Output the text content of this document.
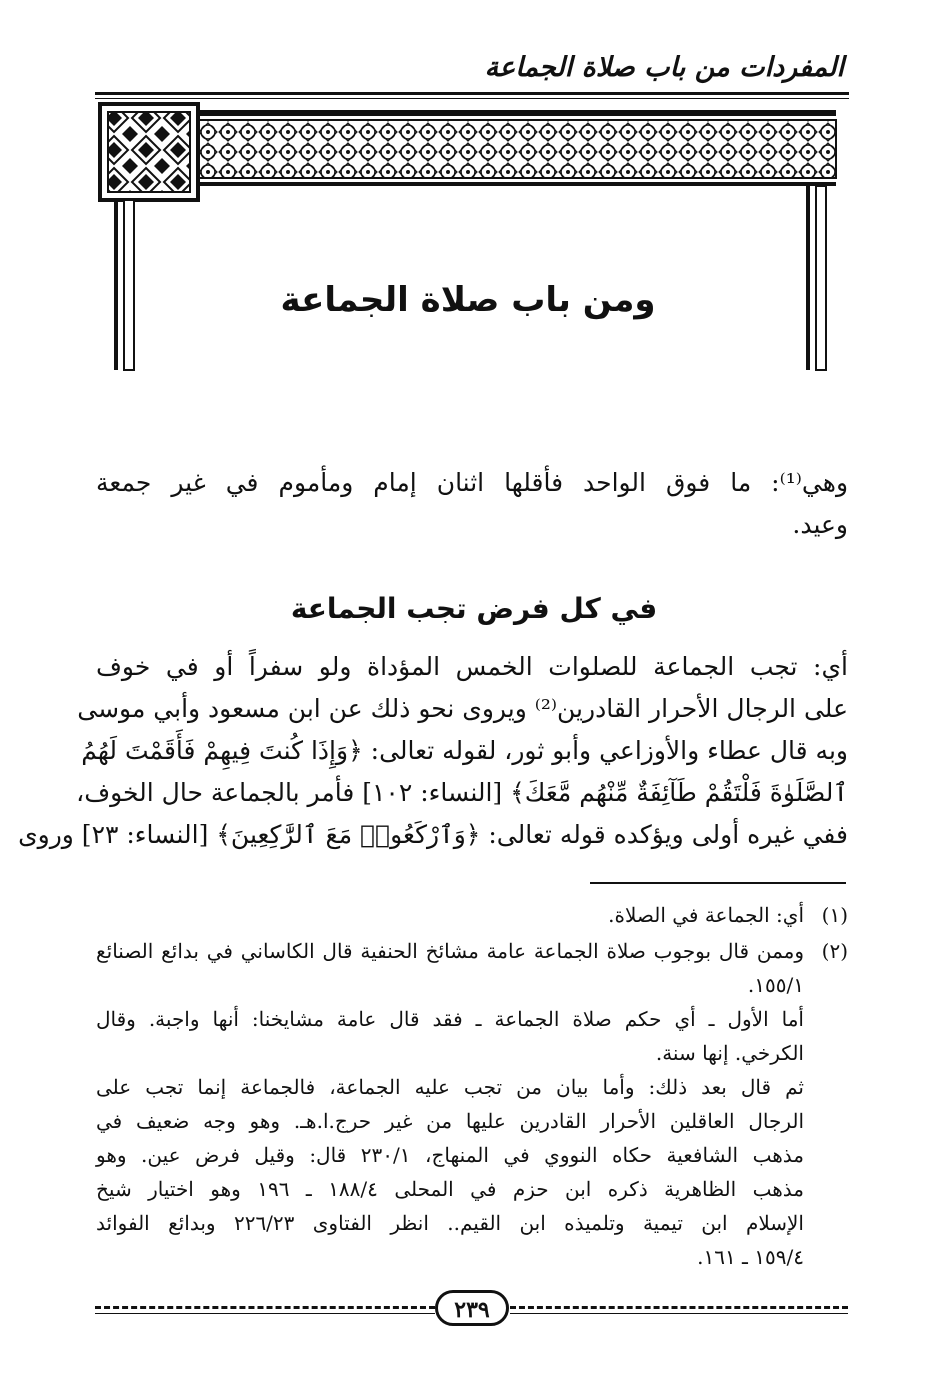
المفردات من باب صلاة الجماعة
ومن باب صلاة الجماعة
وهي⁽¹⁾: ما فوق الواحد فأقلها اثنان إمام ومأموم في غير جمعة
وعيد.
في كل فرض تجب الجماعة
أي: تجب الجماعة للصلوات الخمس المؤداة ولو سفراً أو في خوف
على الرجال الأحرار القادرين⁽²⁾ ويروى نحو ذلك عن ابن مسعود وأبي موسى
وبه قال عطاء والأوزاعي وأبو ثور، لقوله تعالى: ﴿وَإِذَا كُنتَ فِيهِمْ فَأَقَمْتَ لَهُمُ
ٱلصَّلَوٰةَ فَلْتَقُمْ طَآئِفَةٌ مِّنْهُم مَّعَكَ﴾ [النساء: ١٠٢] فأمر بالجماعة حال الخوف،
ففي غيره أولى ويؤكده قوله تعالى: ﴿وَٱرْكَعُوا۟ مَعَ ٱلرَّٰكِعِينَ﴾ [النساء: ٢٣] وروى
(١)أي: الجماعة في الصلاة.
(٢)وممن قال بوجوب صلاة الجماعة عامة مشائخ الحنفية قال الكاساني في بدائع الصنائع
١٥٥/١.
أما الأول ـ أي حكم صلاة الجماعة ـ فقد قال عامة مشايخنا: أنها واجبة. وقال
الكرخي. إنها سنة.
ثم قال بعد ذلك: وأما بيان من تجب عليه الجماعة، فالجماعة إنما تجب على
الرجال العاقلين الأحرار القادرين عليها من غير حرج.ا.هـ. وهو وجه ضعيف في
مذهب الشافعية حكاه النووي في المنهاج، ٢٣٠/١ قال: وقيل فرض عين. وهو
مذهب الظاهرية ذكره ابن حزم في المحلى ١٨٨/٤ ـ ١٩٦ وهو اختيار شيخ
الإسلام ابن تيمية وتلميذه ابن القيم.. انظر الفتاوى ٢٢٦/٢٣ وبدائع الفوائد
١٥٩/٤ ـ ١٦١.
٢٣٩
